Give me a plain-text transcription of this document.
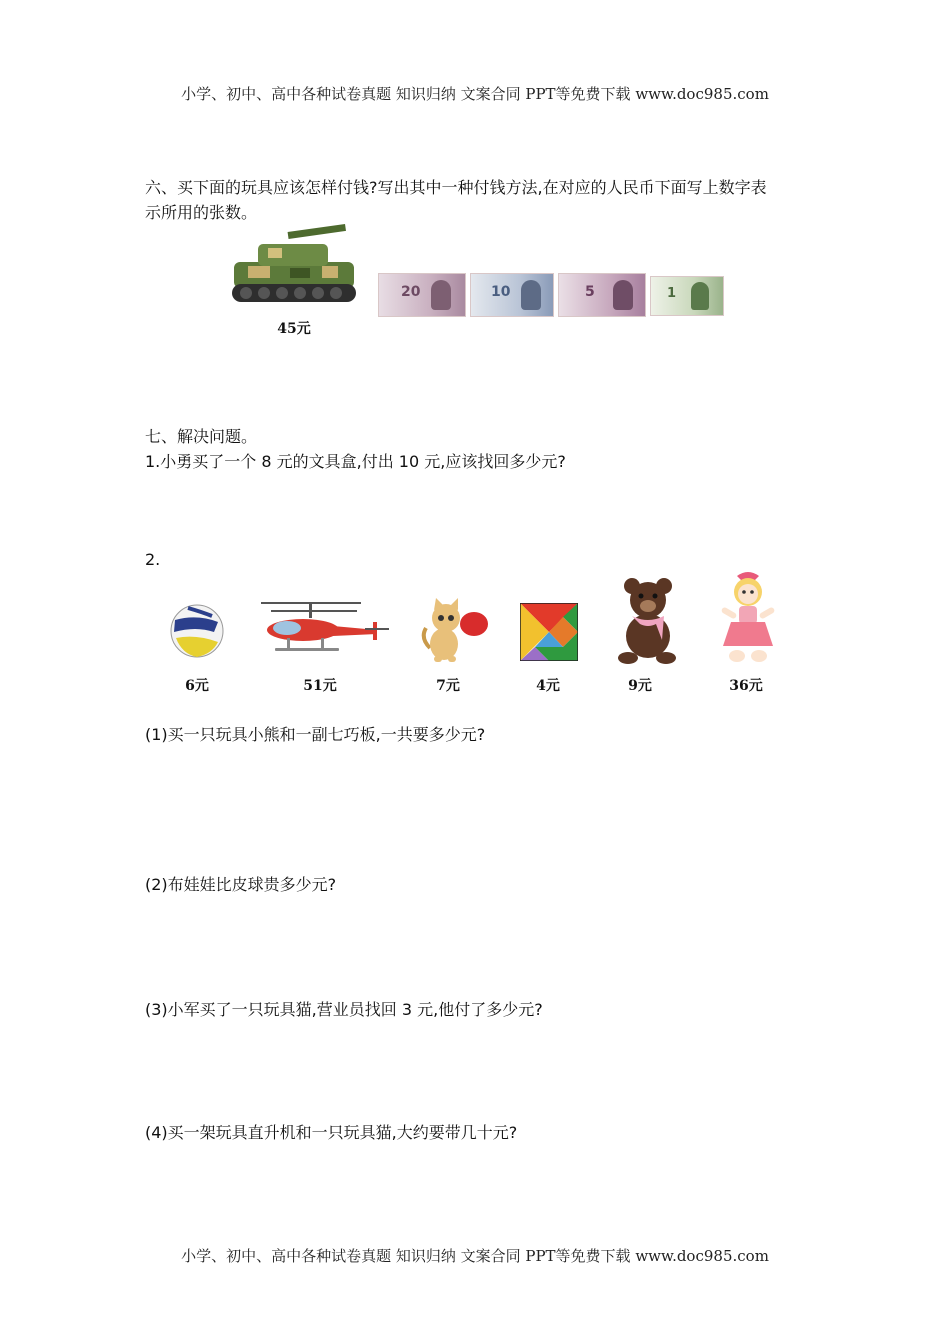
小学、初中、高中各种试卷真题 知识归纳 文案合同 PPT等免费下载 www.doc985.com
六、买下面的玩具应该怎样付钱?写出其中一种付钱方法,在对应的人民币下面写上数字表
示所用的张数。
45元
20	10	5	1
七、解决问题。
1.小勇买了一个 8 元的文具盒,付出 10 元,应该找回多少元?
2.
6元	51元	7元	4元	9元	36元
(1)买一只玩具小熊和一副七巧板,一共要多少元?
(2)布娃娃比皮球贵多少元?
(3)小军买了一只玩具猫,营业员找回 3 元,他付了多少元?
(4)买一架玩具直升机和一只玩具猫,大约要带几十元?
小学、初中、高中各种试卷真题 知识归纳 文案合同 PPT等免费下载 www.doc985.com
